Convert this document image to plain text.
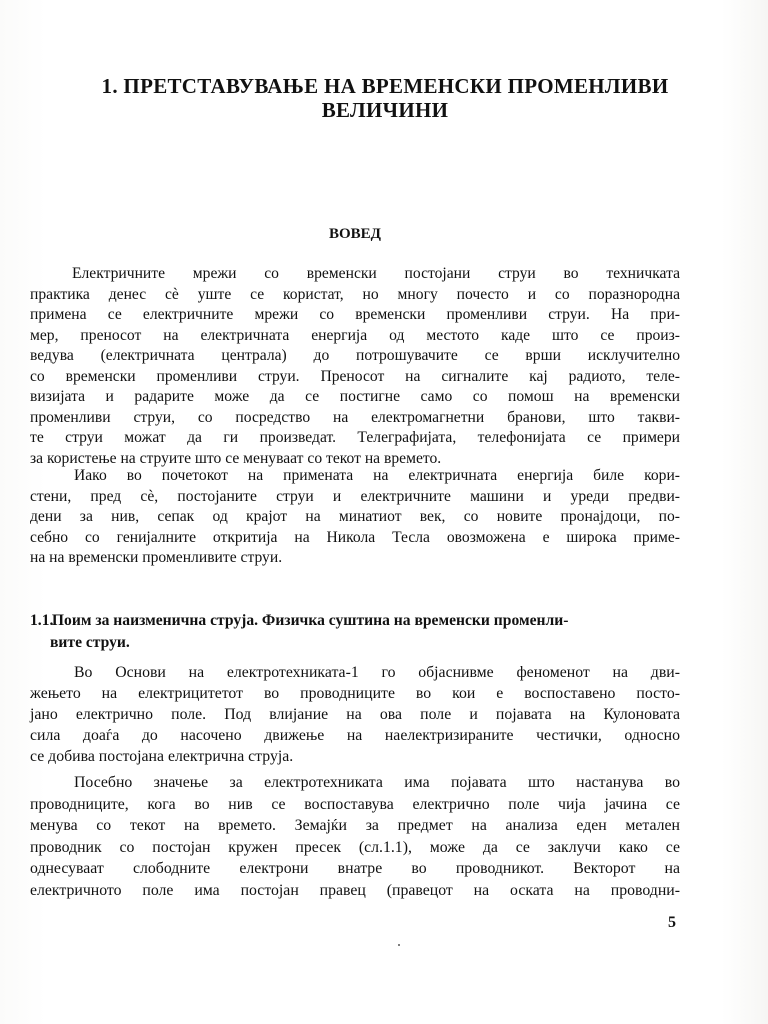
1. ПРЕТСТАВУВАЊЕ НА ВРЕМЕНСКИ ПРОМЕНЛИВИ
ВЕЛИЧИНИ
ВОВЕД
Електричните мрежи со временски постојани струи во техничката
практика денес сè уште се користат, но многу почесто и со поразнородна
примена се електричните мрежи со временски променливи струи. На при-
мер, преносот на електричната енергија од местото каде што се произ-
ведува (електричната централа) до потрошувачите се врши исклучително
со временски променливи струи. Преносот на сигналите кај радиото, теле-
визијата и радарите може да се постигне само со помош на временски
променливи струи, со посредство на електромагнетни бранови, што такви-
те струи можат да ги произведат. Телеграфијата, телефонијата се примери
за користење на струите што се менуваат со текот на времето.
Иако во почетокот на примената на електричната енергија биле кори-
стени, пред сè, постојаните струи и електричните машини и уреди предви-
дени за нив, сепак од крајот на минатиот век, со новите пронајдоци, по-
себно со генијалните откритија на Никола Тесла овозможена е широка приме-
на на временски променливите струи.
1.1. Поим за наизменична струја. Физичка суштина на временски променли-
вите струи.
Во Основи на електротехниката-1 го објаснивме феноменот на дви-
жењето на електрицитетот во проводниците во кои е воспоставено посто-
јано електрично поле. Под влијание на ова поле и појавата на Кулоновата
сила доаѓа до насочено движење на наелектризираните честички, односно
се добива постојана електрична струја.
Посебно значење за електротехниката има појавата што настанува во
проводниците, кога во нив се воспоставува електрично поле чија јачина се
менува со текот на времето. Земајќи за предмет на анализа еден метален
проводник со постојан кружен пресек (сл.1.1), може да се заклучи како се
однесуваат слободните електрони внатре во проводникот. Векторот на
електричното поле има постојан правец (правецот на оската на проводни-
5
